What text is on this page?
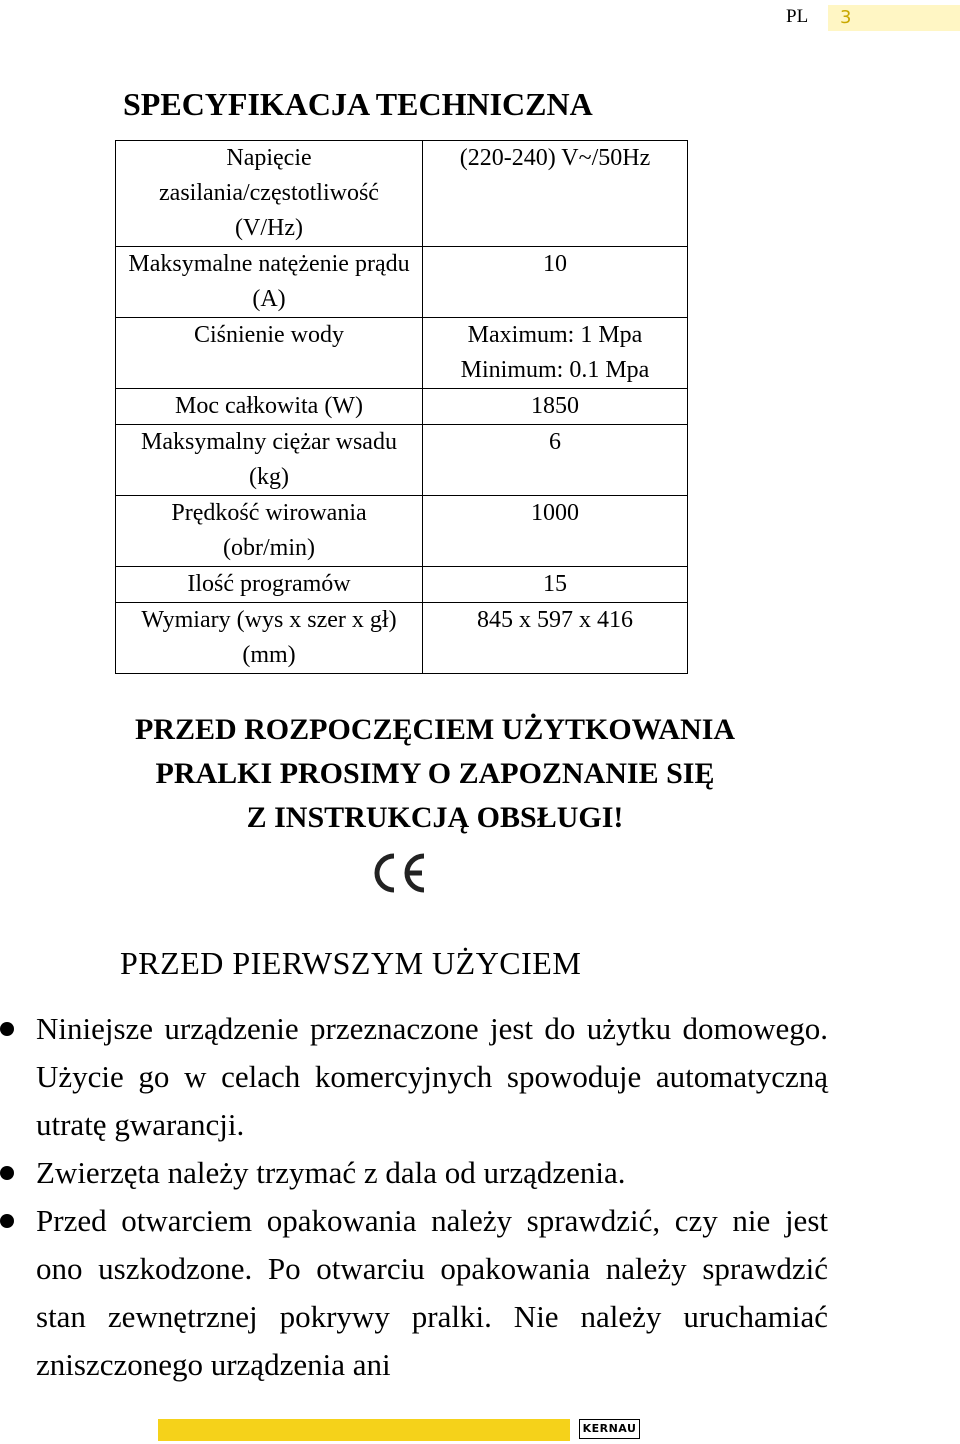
PL	3
SPECYFIKACJA TECHNICZNA
Napięcie zasilania/częstotliwość (V/Hz)	(220-240) V~/50Hz
Maksymalne natężenie prądu (A)	10
Ciśnienie wody	Maximum: 1 Mpa
Minimum: 0.1 Mpa

Moc całkowita (W)	1850
Maksymalny ciężar wsadu (kg)	6
Prędkość wirowania (obr/min)	1000
Ilość programów	15
Wymiary (wys x szer x gł) (mm)	845 x 597 x 416
PRZED ROZPOCZĘCIEM UŻYTKOWANIA
PRALKI PROSIMY O ZAPOZNANIE SIĘ
Z INSTRUKCJĄ OBSŁUGI!
PRZED PIERWSZYM UŻYCIEM
Niniejsze urządzenie przeznaczone jest do użytku domowego. Użycie go w celach komercyjnych spowoduje automatyczną utratę gwarancji.
Zwierzęta należy trzymać z dala od urządzenia.
Przed otwarciem opakowania należy sprawdzić, czy nie jest ono uszkodzone. Po otwarciu opakowania należy sprawdzić stan zewnętrznej pokrywy pralki. Nie należy uruchamiać zniszczonego urządzenia ani
KERNAU
